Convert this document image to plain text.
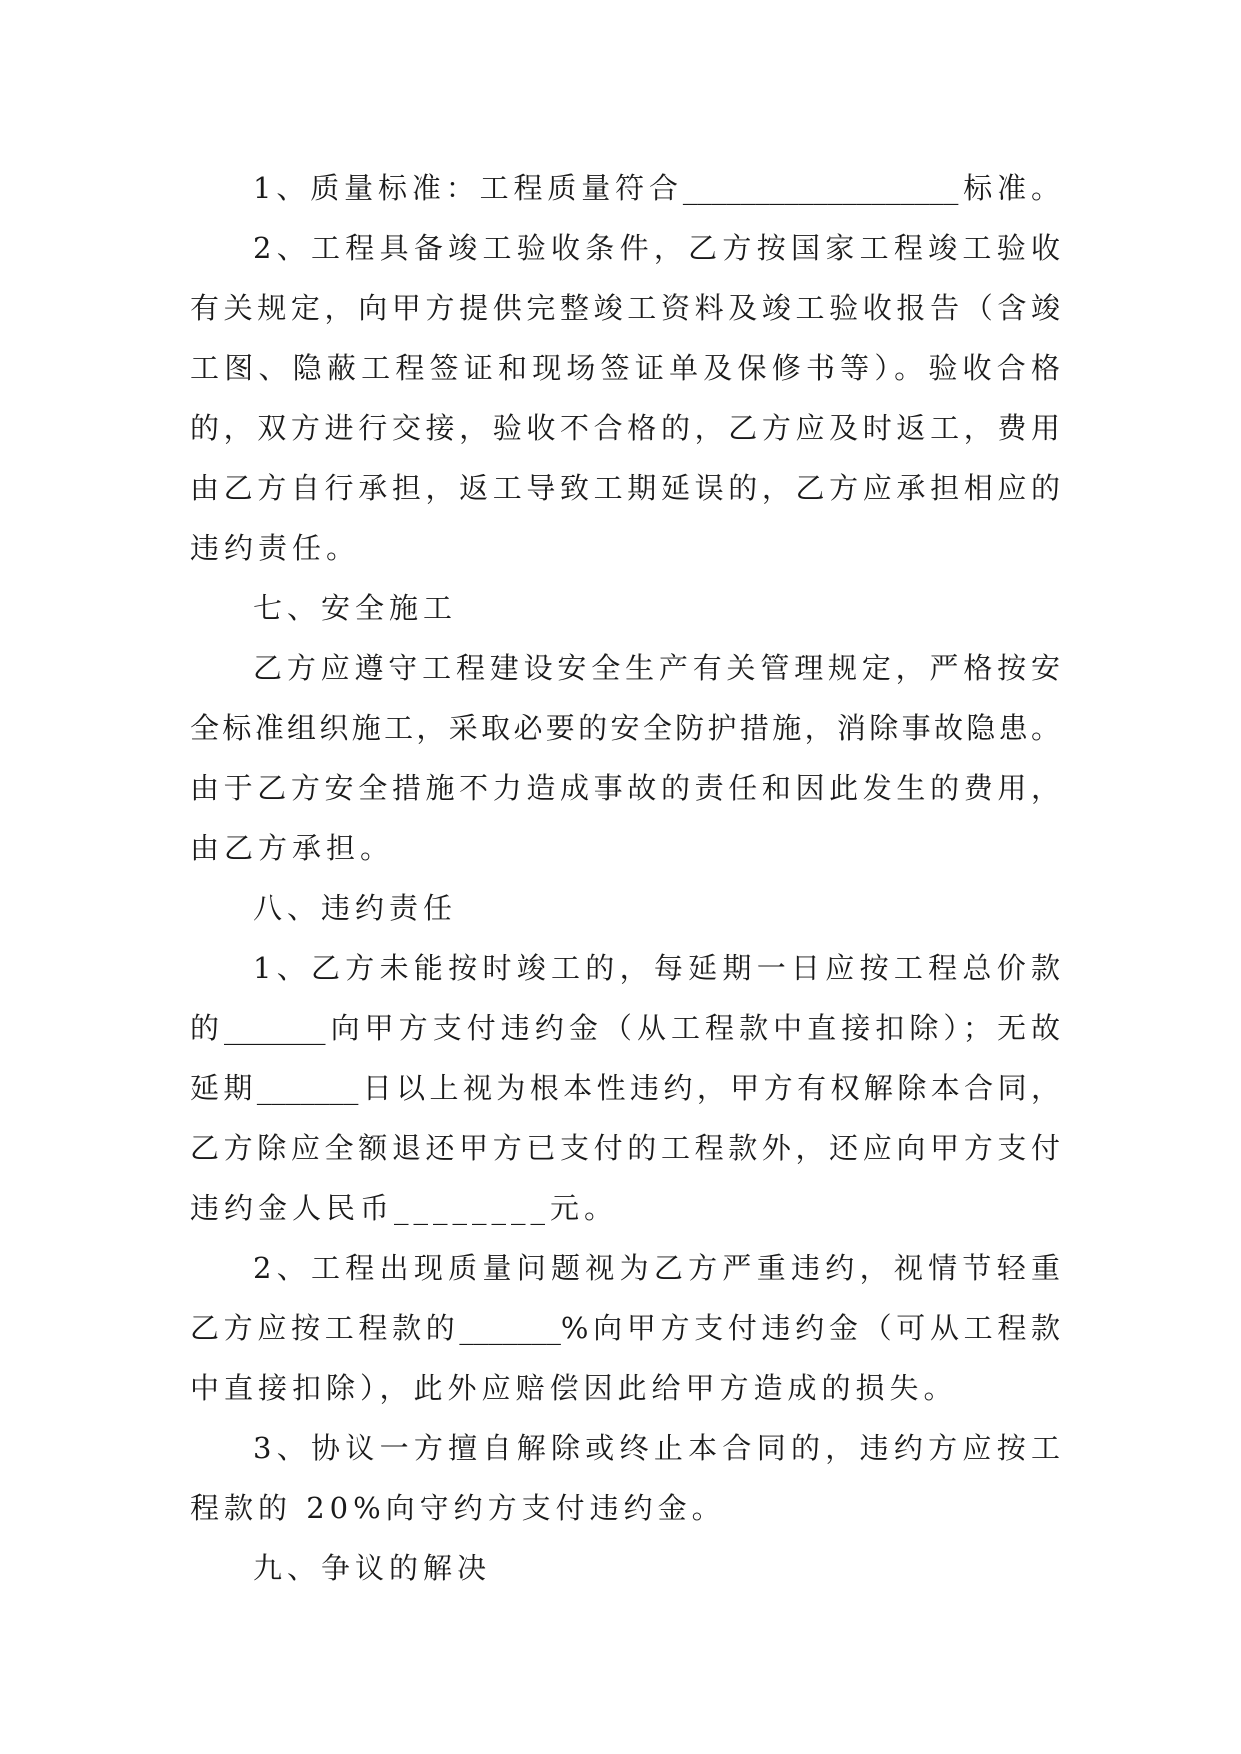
1、质量标准：工程质量符合___________________标准。
2、工程具备竣工验收条件，乙方按国家工程竣工验收
有关规定，向甲方提供完整竣工资料及竣工验收报告（含竣
工图、隐蔽工程签证和现场签证单及保修书等）。验收合格
的，双方进行交接，验收不合格的，乙方应及时返工，费用
由乙方自行承担，返工导致工期延误的，乙方应承担相应的
违约责任。
七、安全施工
乙方应遵守工程建设安全生产有关管理规定，严格按安
全标准组织施工，采取必要的安全防护措施，消除事故隐患。
由于乙方安全措施不力造成事故的责任和因此发生的费用，
由乙方承担。
八、违约责任
1、乙方未能按时竣工的，每延期一日应按工程总价款
的_______向甲方支付违约金（从工程款中直接扣除）；无故
延期_______日以上视为根本性违约，甲方有权解除本合同，
乙方除应全额退还甲方已支付的工程款外，还应向甲方支付
违约金人民币________元。
2、工程出现质量问题视为乙方严重违约，视情节轻重
乙方应按工程款的_______%向甲方支付违约金（可从工程款
中直接扣除），此外应赔偿因此给甲方造成的损失。
3、协议一方擅自解除或终止本合同的，违约方应按工
程款的 20%向守约方支付违约金。
九、争议的解决
